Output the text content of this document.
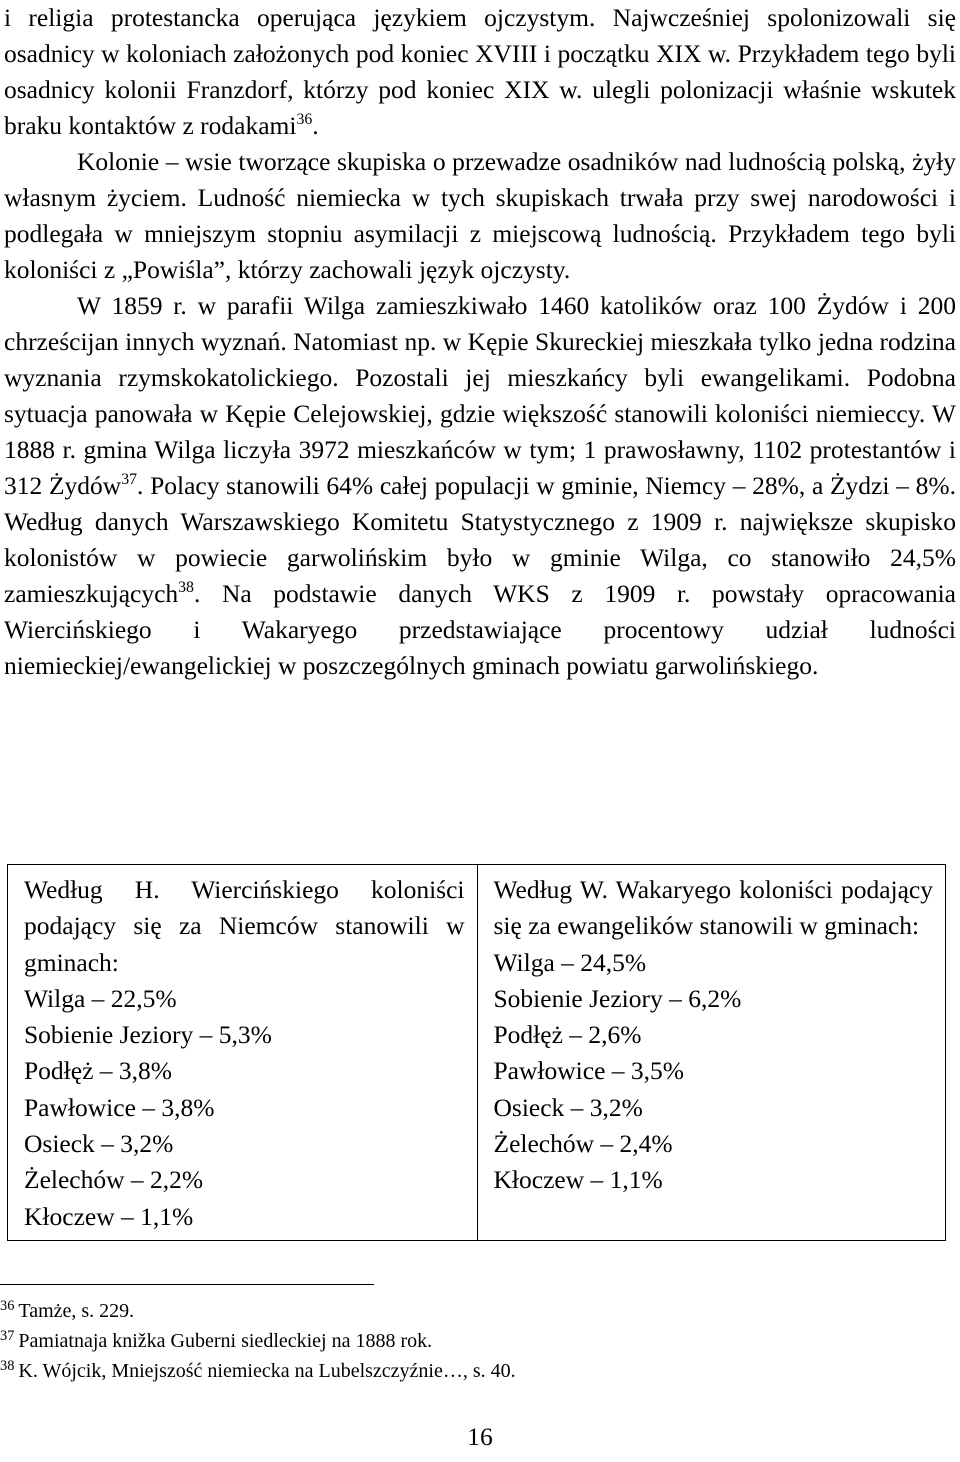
i religia protestancka operująca językiem ojczystym. Najwcześniej spolonizowali się osadnicy w koloniach założonych pod koniec XVIII i początku XIX w. Przykładem tego byli osadnicy kolonii Franzdorf, którzy pod koniec XIX w. ulegli polonizacji właśnie wskutek braku kontaktów z rodakami$^{36}$.

Kolonie – wsie tworzące skupiska o przewadze osadników nad ludnością polską, żyły własnym życiem. Ludność niemiecka w tych skupiskach trwała przy swej narodowości i podlegała w mniejszym stopniu asymilacji z miejscową ludnością. Przykładem tego byli koloniści z „Powiśla”, którzy zachowali język ojczysty.

W 1859 r. w parafii Wilga zamieszkiwało 1460 katolików oraz 100 Żydów i 200 chrześcijan innych wyznań. Natomiast np. w Kępie Skureckiej mieszkała tylko jedna rodzina wyznania rzymskokatolickiego. Pozostali jej mieszkańcy byli ewangelikami. Podobna sytuacja panowała w Kępie Celejowskiej, gdzie większość stanowili koloniści niemieccy. W 1888 r. gmina Wilga liczyła 3972 mieszkańców w tym; 1 prawosławny, 1102 protestantów i 312 Żydów$^{37}$. Polacy stanowili 64% całej populacji w gminie, Niemcy – 28%, a Żydzi – 8%. Według danych Warszawskiego Komitetu Statystycznego z 1909 r. największe skupisko kolonistów w powiecie garwolińskim było w gminie Wilga, co stanowiło 24,5% zamieszkujących$^{38}$. Na podstawie danych WKS z 1909 r. powstały opracowania Wiercińskiego i Wakaryego przedstawiające procentowy udział ludności niemieckiej/ewangelickiej w poszczególnych gminach powiatu garwolińskiego.

Według H. Wiercińskiego koloniści podający się za Niemców stanowili w gminach:

Wilga – 22,5%

Sobienie Jeziory – 5,3%

Podłęż – 3,8%

Pawłowice – 3,8%

Osieck – 3,2%

Żelechów – 2,2%

Kłoczew – 1,1%

Według W. Wakaryego koloniści podający się za ewangelików stanowili w gminach:

Wilga – 24,5%

Sobienie Jeziory – 6,2%

Podłęż – 2,6%

Pawłowice – 3,5%

Osieck – 3,2%

Żelechów – 2,4%

Kłoczew – 1,1%

$^{36}$ Tamże, s. 229.

$^{37}$ Pamiatnaja knižka Guberni siedleckiej na 1888 rok.

$^{38}$ K. Wójcik, Mniejszość niemiecka na Lubelszczyźnie…, s. 40.

16
